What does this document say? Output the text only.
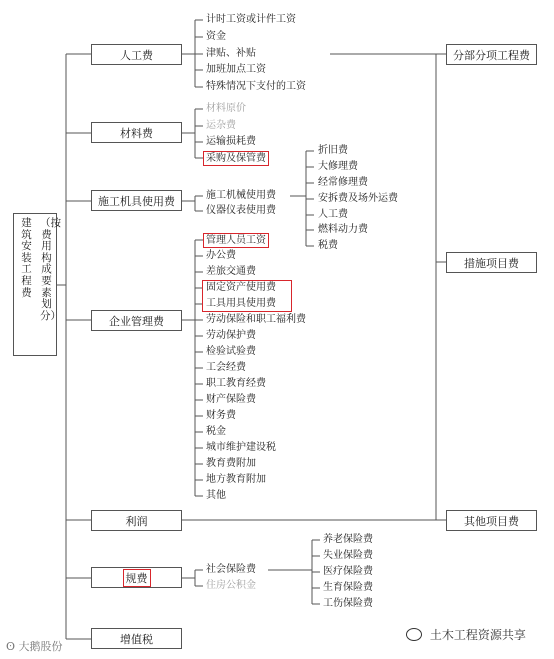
（按费用构成要素划分）
建筑安装工程费
人工费
材料费
施工机具使用费
企业管理费
利润
规费
增值税
分部分项工程费
措施项目费
其他项目费
计时工资或计件工资
资金
津贴、补贴
加班加点工资
特殊情况下支付的工资
材料原价
运杂费
运输损耗费
采购及保管费
施工机械使用费
仪器仪表使用费
折旧费
大修理费
经常修理费
安拆费及场外运费
人工费
燃料动力费
税费
管理人员工资
办公费
差旅交通费
固定资产使用费
工具用具使用费
劳动保险和职工福利费
劳动保护费
检验试验费
工会经费
职工教育经费
财产保险费
财务费
税金
城市维护建设税
教育费附加
地方教育附加
其他
社会保险费
住房公积金
养老保险费
失业保险费
医疗保险费
生育保险费
工伤保险费
ʘ 大鹅股份
土木工程资源共享
